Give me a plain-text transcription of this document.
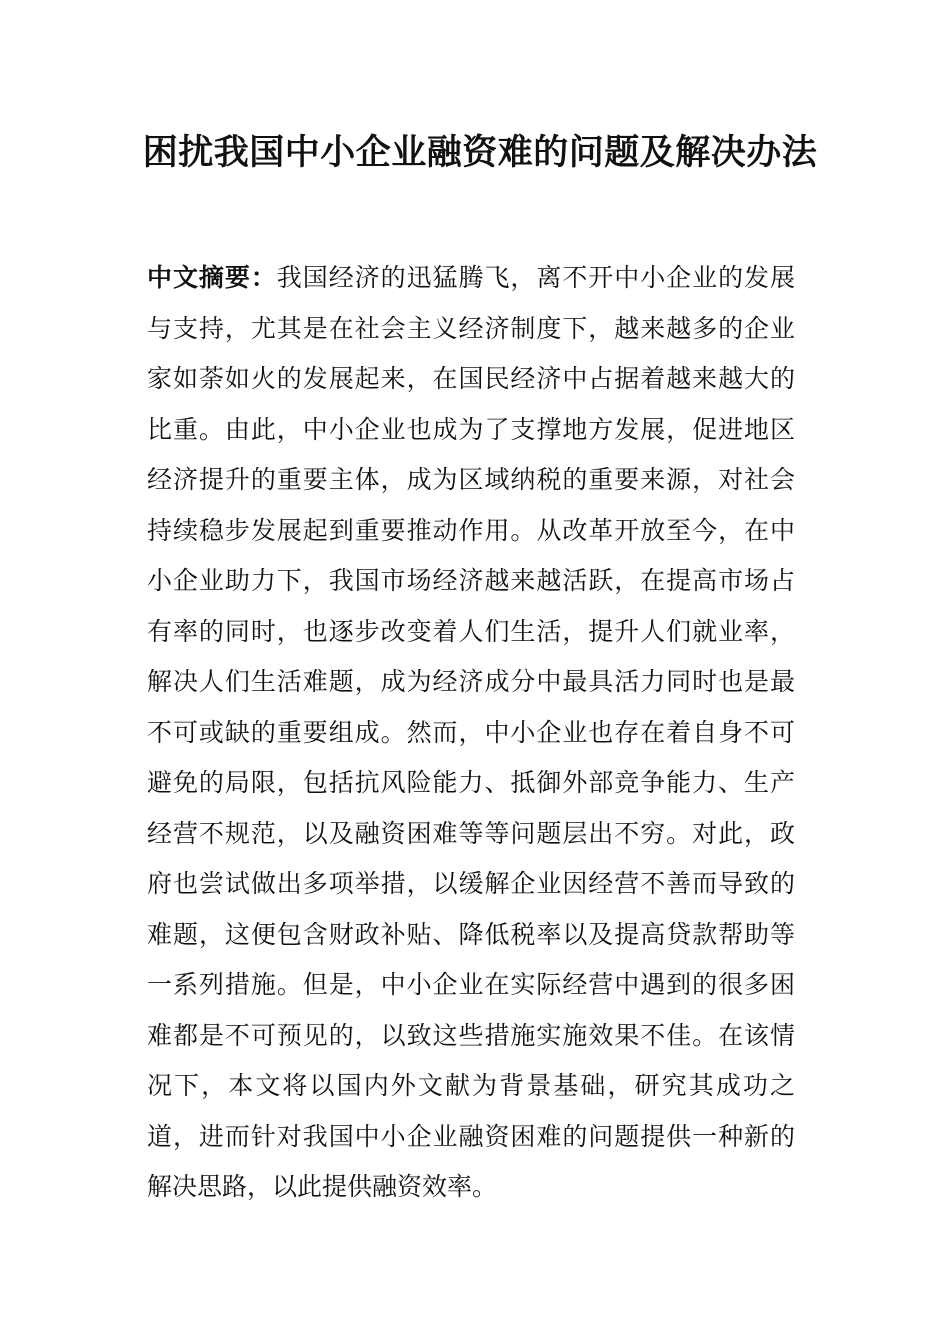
困扰我国中小企业融资难的问题及解决办法

中文摘要：我国经济的迅猛腾飞，离不开中小企业的发展与支持，尤其是在社会主义经济制度下，越来越多的企业家如荼如火的发展起来，在国民经济中占据着越来越大的比重。由此，中小企业也成为了支撑地方发展，促进地区经济提升的重要主体，成为区域纳税的重要来源，对社会持续稳步发展起到重要推动作用。从改革开放至今，在中小企业助力下，我国市场经济越来越活跃，在提高市场占有率的同时，也逐步改变着人们生活，提升人们就业率，解决人们生活难题，成为经济成分中最具活力同时也是最不可或缺的重要组成。然而，中小企业也存在着自身不可避免的局限，包括抗风险能力、抵御外部竞争能力、生产经营不规范，以及融资困难等等问题层出不穷。对此，政府也尝试做出多项举措，以缓解企业因经营不善而导致的难题，这便包含财政补贴、降低税率以及提高贷款帮助等一系列措施。但是，中小企业在实际经营中遇到的很多困难都是不可预见的，以致这些措施实施效果不佳。在该情况下，本文将以国内外文献为背景基础，研究其成功之道，进而针对我国中小企业融资困难的问题提供一种新的解决思路，以此提供融资效率。
